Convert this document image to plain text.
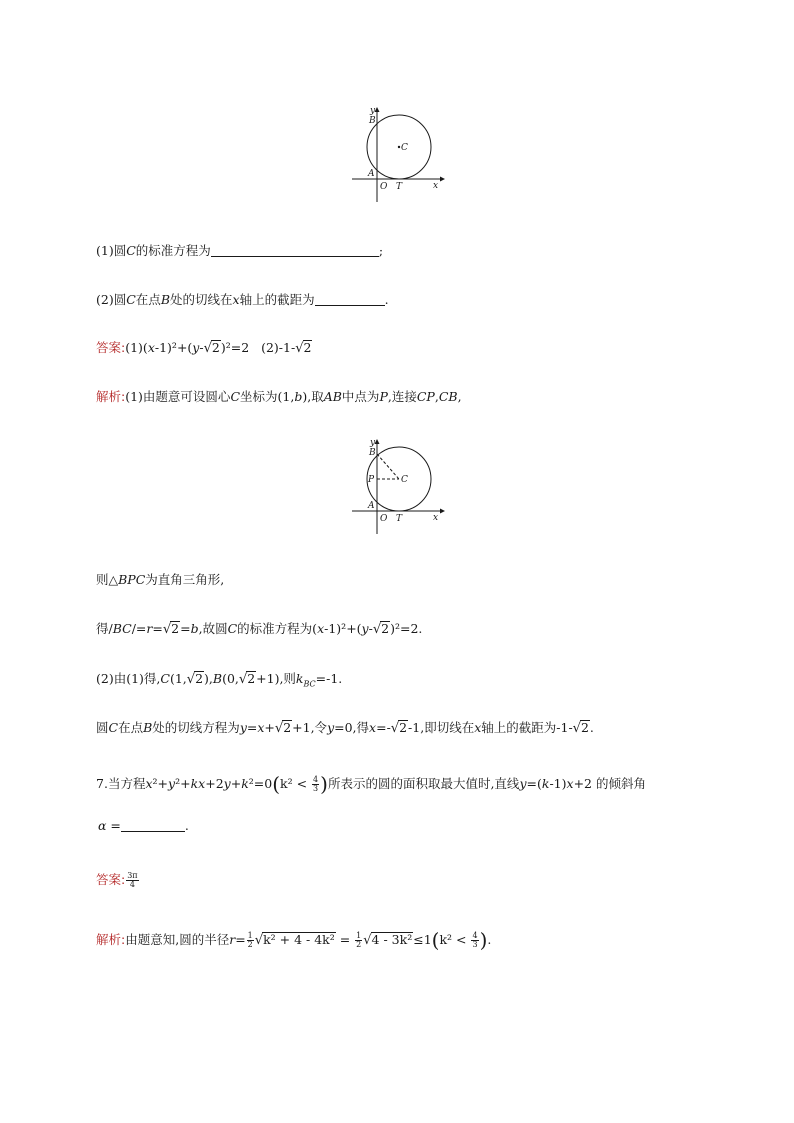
y
B
C
A
O T	x
(1)圆C的标准方程为	;
(2)圆C在点B处的切线在x轴上的截距为	.
答案:(1)(x-1)²+(y-√2)²=2   (2)-1-√2
解析:(1)由题意可设圆心C坐标为(1,b),取AB中点为P,连接CP,CB,
y
B
P	C
A
O T	x
则△BPC为直角三角形,
得/BC/=r=√2=b,故圆C的标准方程为(x-1)²+(y-√2)²=2.
(2)由(1)得,C(1,√2),B(0,√2+1),则$k_{BC}=-1$.
圆C在点B处的切线方程为y=x+√2+1,令y=0,得x=-√2-1,即切线在x轴上的截距为-1-√2.
7.当方程$x^2+y^2+kx+2y+k^2=0(k^2 < \frac{4}{3}$ )所表示的圆的面积取最大值时,直线y=(k-1)x+2 的倾斜角
α =	.
答案: $\frac{3\pi}{4}$
解析:由题意知,圆的半径$r= \frac{1}{2} √k^2 + 4 - 4k^2 = \frac{1}{2} √4 - 3k^2\le 1(k^2 < \frac{4}{3}$ ).
